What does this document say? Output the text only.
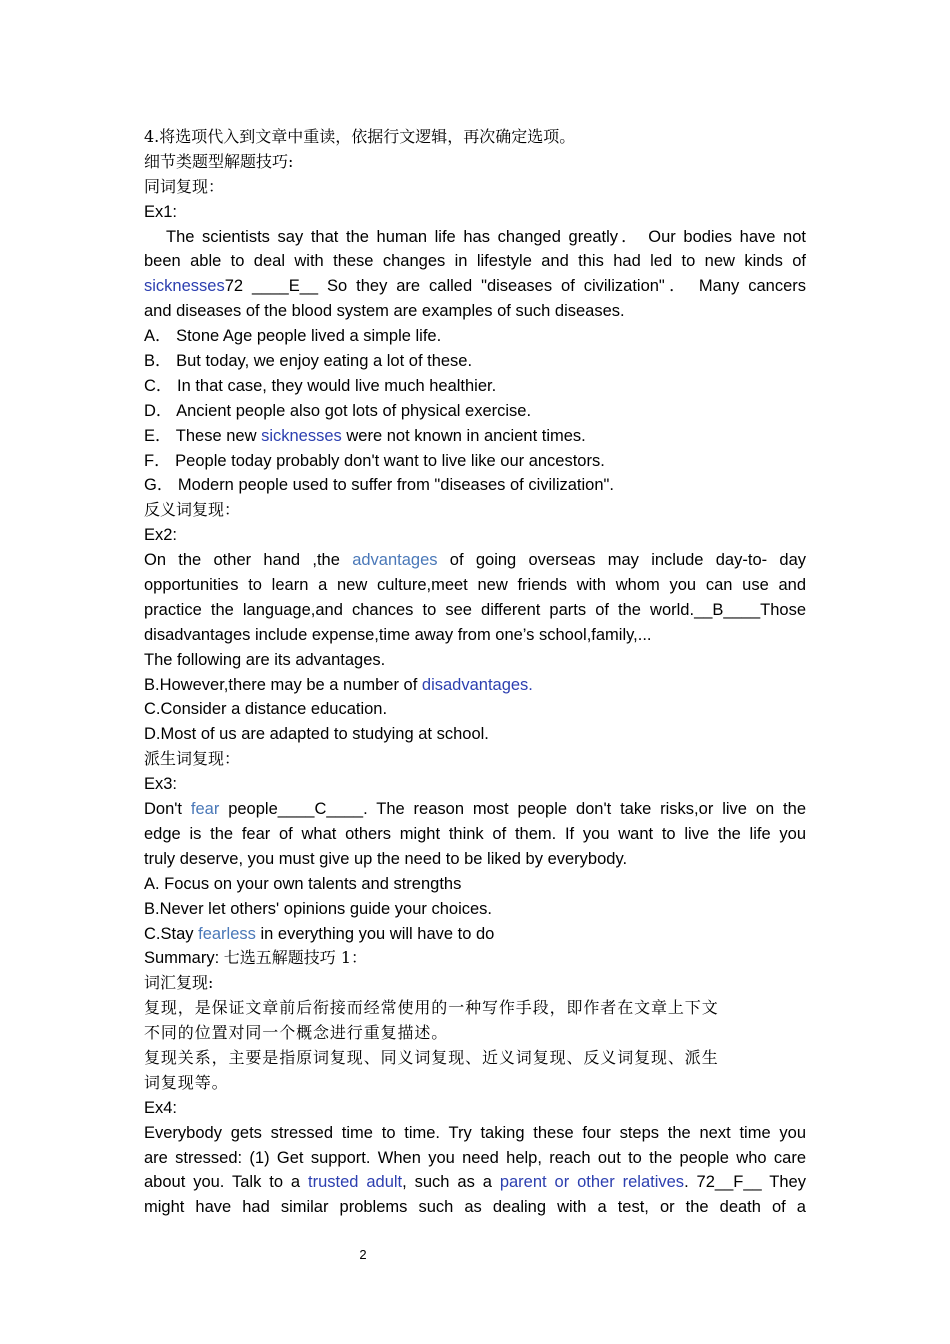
4.将选项代入到文章中重读，依据行文逻辑，再次确定选项。
细节类题型解题技巧:
同词复现：
Ex1:
The scientists say that the human life has changed greatly． Our bodies have not
been able to deal with these changes in lifestyle and this had led to new kinds of
sicknesses72 ____E__ So they are called "diseases of civilization"． Many cancers
and diseases of the blood system are examples of such diseases.
A． Stone Age people lived a simple life.
B． But today, we enjoy eating a lot of these.
C． In that case, they would live much healthier.
D． Ancient people also got lots of physical exercise.
E． These new sicknesses were not known in ancient times.
F． People today probably don't want to live like our ancestors.
G． Modern people used to suffer from "diseases of civilization".
反义词复现：
Ex2:
On the other hand ,the advantages of going overseas may include day-to- day
opportunities to learn a new culture,meet new friends with whom you can use and
practice the language,and chances to see different parts of the world.__B____Those
disadvantages include expense,time away from one’s school,family,...
The following are its advantages.
B.However,there may be a number of disadvantages.
C.Consider a distance education.
D.Most of us are adapted to studying at school.
派生词复现：
Ex3:
Don't fear people____C____. The reason most people don't take risks,or live on the
edge is the fear of what others might think of them. If you want to live the life you
truly deserve, you must give up the need to be liked by everybody.
A. Focus on your own talents and strengths
B.Never let others' opinions guide your choices.
C.Stay fearless in everything you will have to do
Summary: 七选五解题技巧 1：
词汇复现:
复现，是保证文章前后衔接而经常使用的一种写作手段，即作者在文章上下文
不同的位置对同一个概念进行重复描述。
复现关系，主要是指原词复现、同义词复现、近义词复现、反义词复现、派生
词复现等。
Ex4:
Everybody gets stressed time to time. Try taking these four steps the next time you
are stressed: (1) Get support. When you need help, reach out to the people who care
about you. Talk to a trusted adult, such as a parent or other relatives. 72__F__ They
might have had similar problems such as dealing with a test, or the death of a
2
